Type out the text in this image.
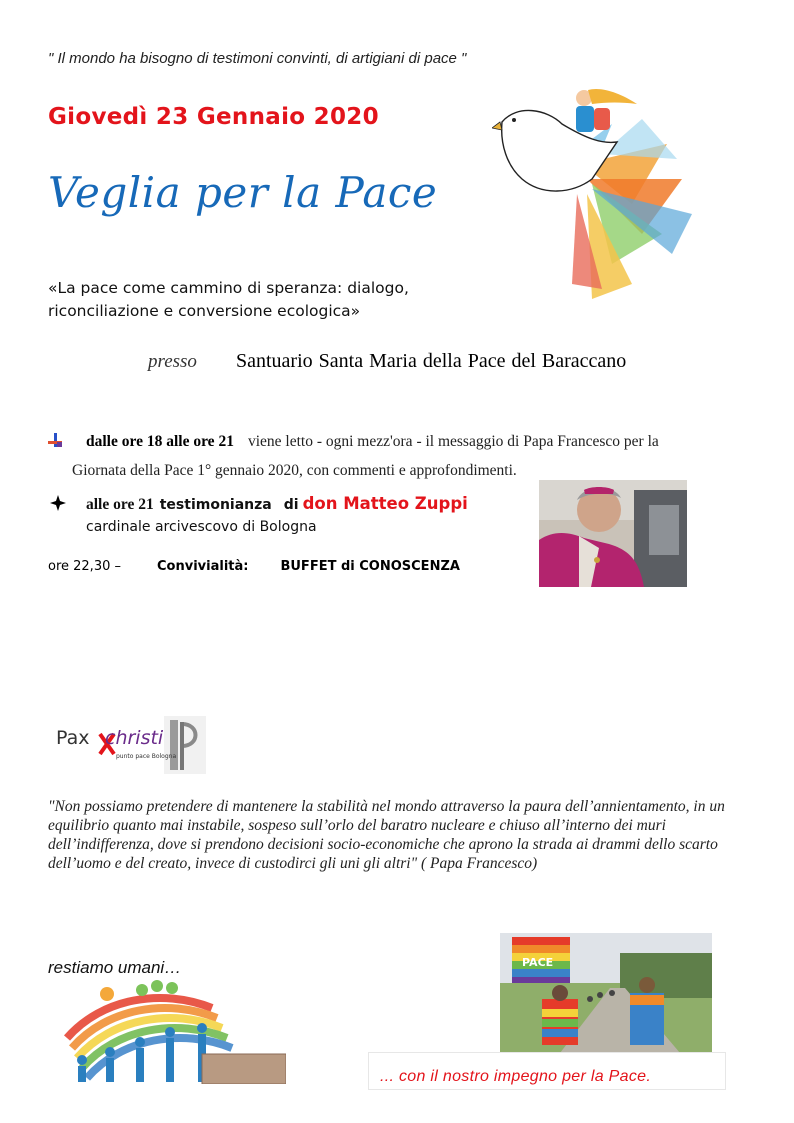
" Il mondo ha bisogno di testimoni convinti, di artigiani di pace "
Giovedì 23 Gennaio 2020
Veglia per la Pace
«La pace come cammino di speranza: dialogo, riconciliazione e conversione ecologica»
presso Santuario Santa Maria della Pace del Baraccano
dalle ore 18 alle ore 21 viene letto - ogni mezz'ora - il messaggio di Papa Francesco per la
Giornata della Pace 1° gennaio 2020, con commenti e approfondimenti.
alle ore 21 testimonianza di don Matteo Zuppi
cardinale arcivescovo di Bologna
ore 22,30 –	Convivialità: BUFFET di CONOSCENZA
Pax christi
punto pace Bologna
"Non possiamo pretendere di mantenere la stabilità nel mondo attraverso la paura dell’annientamento, in un equilibrio quanto mai instabile, sospeso sull’orlo del baratro nucleare e chiuso all’interno dei muri dell’indifferenza, dove si prendono decisioni socio-economiche che aprono la strada ai drammi dello scarto dell’uomo e del creato, invece di custodirci gli uni gli altri" ( Papa Francesco)
restiamo umani…	PACE
... con il nostro impegno per la Pace.
